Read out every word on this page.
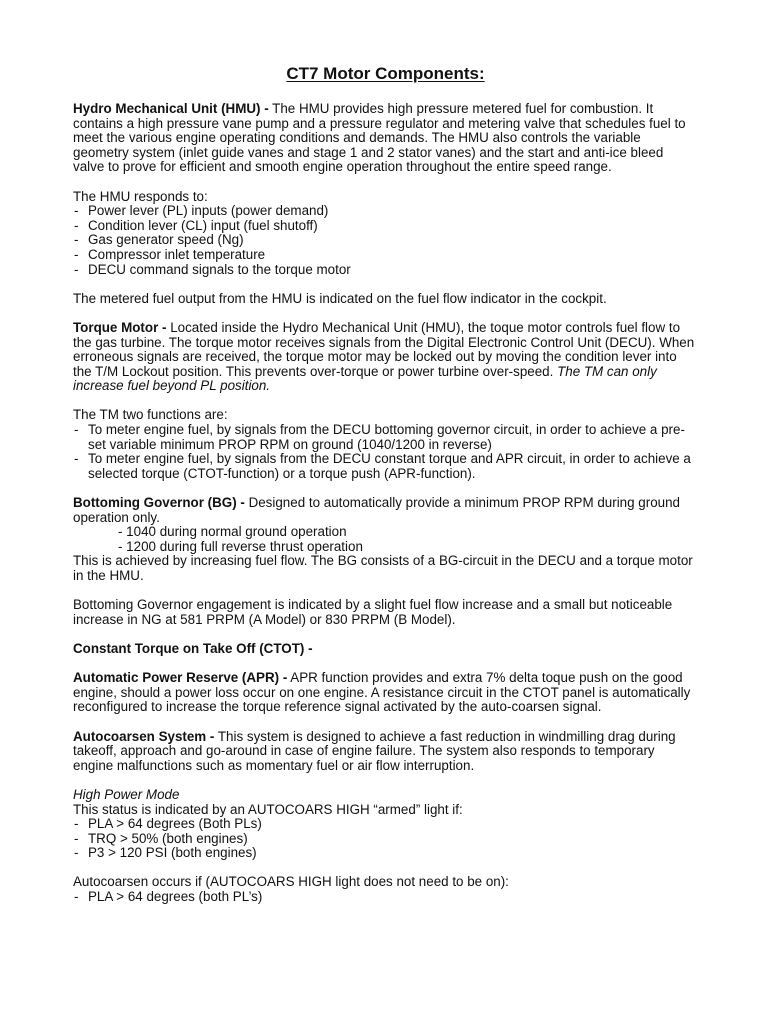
CT7 Motor Components:

Hydro Mechanical Unit (HMU) - The HMU provides high pressure metered fuel for combustion. It contains a high pressure vane pump and a pressure regulator and metering valve that schedules fuel to meet the various engine operating conditions and demands. The HMU also controls the variable geometry system (inlet guide vanes and stage 1 and 2 stator vanes) and the start and anti-ice bleed valve to prove for efficient and smooth engine operation throughout the entire speed range.

The HMU responds to:

- Power lever (PL) inputs (power demand)
- Condition lever (CL) input (fuel shutoff)
- Gas generator speed (Ng)
- Compressor inlet temperature
- DECU command signals to the torque motor

The metered fuel output from the HMU is indicated on the fuel flow indicator in the cockpit.

Torque Motor - Located inside the Hydro Mechanical Unit (HMU), the toque motor controls fuel flow to the gas turbine. The torque motor receives signals from the Digital Electronic Control Unit (DECU). When erroneous signals are received, the torque motor may be locked out by moving the condition lever into the T/M Lockout position. This prevents over-torque or power turbine over-speed. The TM can only increase fuel beyond PL position.

The TM two functions are:

- To meter engine fuel, by signals from the DECU bottoming governor circuit, in order to achieve a pre-set variable minimum PROP RPM on ground (1040/1200 in reverse)
- To meter engine fuel, by signals from the DECU constant torque and APR circuit, in order to achieve a selected torque (CTOT-function) or a torque push (APR-function).

Bottoming Governor (BG) - Designed to automatically provide a minimum PROP RPM during ground operation only.

- 1040 during normal ground operation

- 1200 during full reverse thrust operation

This is achieved by increasing fuel flow. The BG consists of a BG-circuit in the DECU and a torque motor in the HMU.

Bottoming Governor engagement is indicated by a slight fuel flow increase and a small but noticeable increase in NG at 581 PRPM (A Model) or 830 PRPM (B Model).

Constant Torque on Take Off (CTOT) -

Automatic Power Reserve (APR) - APR function provides and extra 7% delta toque push on the good engine, should a power loss occur on one engine. A resistance circuit in the CTOT panel is automatically reconfigured to increase the torque reference signal activated by the auto-coarsen signal.

Autocoarsen System - This system is designed to achieve a fast reduction in windmilling drag during takeoff, approach and go-around in case of engine failure. The system also responds to temporary engine malfunctions such as momentary fuel or air flow interruption.

High Power Mode

This status is indicated by an AUTOCOARS HIGH “armed” light if:

- PLA > 64 degrees (Both PLs)
- TRQ > 50% (both engines)
- P3 > 120 PSI (both engines)

Autocoarsen occurs if (AUTOCOARS HIGH light does not need to be on):

- PLA > 64 degrees (both PL’s)
